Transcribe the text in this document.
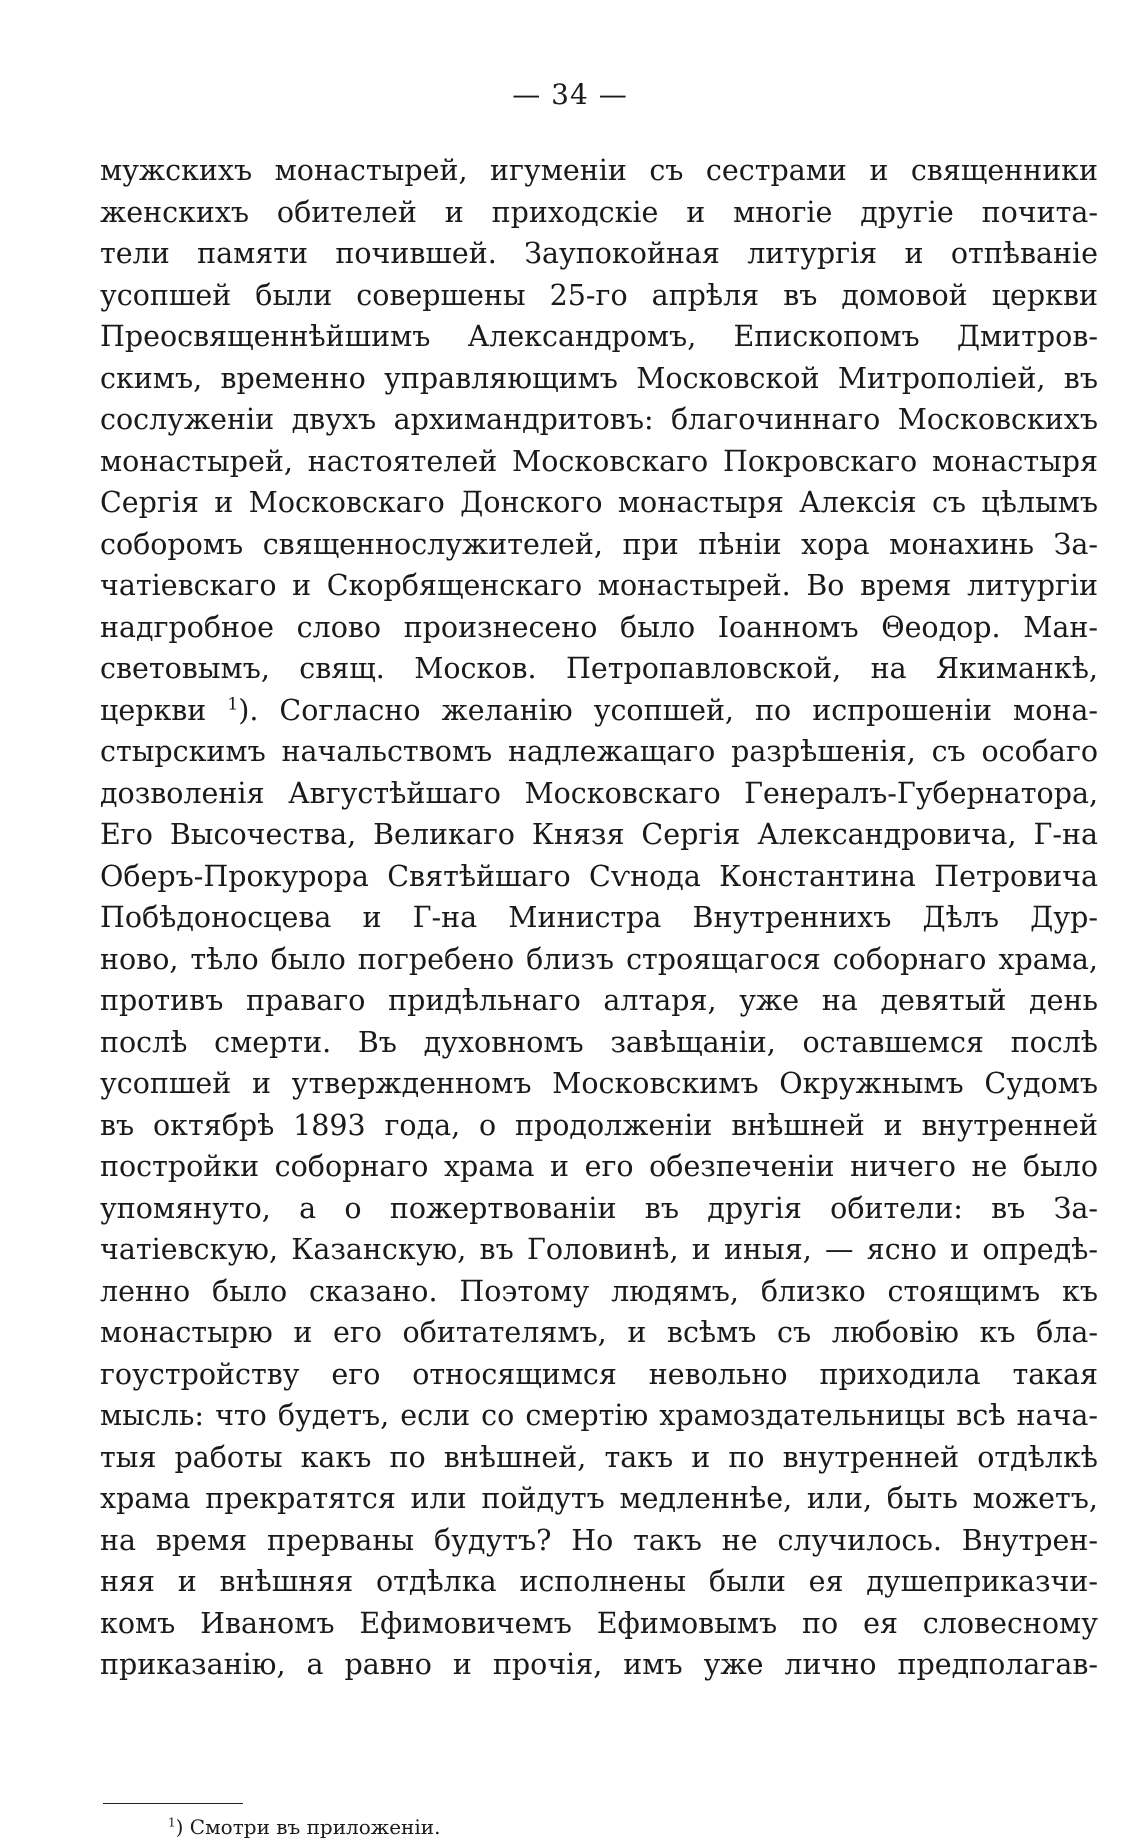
— 34 —
мужскихъ монастырей, игуменіи съ сестрами и священники
женскихъ обителей и приходскіе и многіе другіе почита-
тели памяти почившей. Заупокойная литургія и отпѣваніе
усопшей были совершены 25-го апрѣля въ домовой церкви
Преосвященнѣйшимъ Александромъ, Епископомъ Дмитров-
скимъ, временно управляющимъ Московской Митрополіей, въ
сослуженіи двухъ архимандритовъ: благочиннаго Московскихъ
монастырей, настоятелей Московскаго Покровскаго монастыря
Сергія и Московскаго Донского монастыря Алексія съ цѣлымъ
соборомъ священнослужителей, при пѣніи хора монахинь За-
чатіевскаго и Скорбященскаго монастырей. Во время литургіи
надгробное слово произнесено было Іоанномъ Θеодор. Ман-
световымъ, свящ. Москов. Петропавловской, на Якиманкѣ,
церкви $^1$). Согласно желанію усопшей, по испрошеніи мона-
стырскимъ начальствомъ надлежащаго разрѣшенія, съ особаго
дозволенія Августѣйшаго Московскаго Генералъ-Губернатора,
Его Высочества, Великаго Князя Сергія Александровича, Г-на
Оберъ-Прокурора Святѣйшаго Сѵнода Константина Петровича
Побѣдоносцева и Г-на Министра Внутреннихъ Дѣлъ Дур-
ново, тѣло было погребено близъ строящагося соборнаго храма,
противъ праваго придѣльнаго алтаря, уже на девятый день
послѣ смерти. Въ духовномъ завѣщаніи, оставшемся послѣ
усопшей и утвержденномъ Московскимъ Окружнымъ Судомъ
въ октябрѣ 1893 года, о продолженіи внѣшней и внутренней
постройки соборнаго храма и его обезпеченіи ничего не было
упомянуто, а о пожертвованіи въ другія обители: въ За-
чатіевскую, Казанскую, въ Головинѣ, и иныя, — ясно и опредѣ-
ленно было сказано. Поэтому людямъ, близко стоящимъ къ
монастырю и его обитателямъ, и всѣмъ съ любовію къ бла-
гоустройству его относящимся невольно приходила такая
мысль: что будетъ, если со смертію храмоздательницы всѣ нача-
тыя работы какъ по внѣшней, такъ и по внутренней отдѣлкѣ
храма прекратятся или пойдутъ медленнѣе, или, быть можетъ,
на время прерваны будутъ? Но такъ не случилось. Внутрен-
няя и внѣшняя отдѣлка исполнены были ея душеприказчи-
комъ Иваномъ Ефимовичемъ Ефимовымъ по ея словесному
приказанію, а равно и прочія, имъ уже лично предполагав-
$^1$) Смотри въ приложеніи.
